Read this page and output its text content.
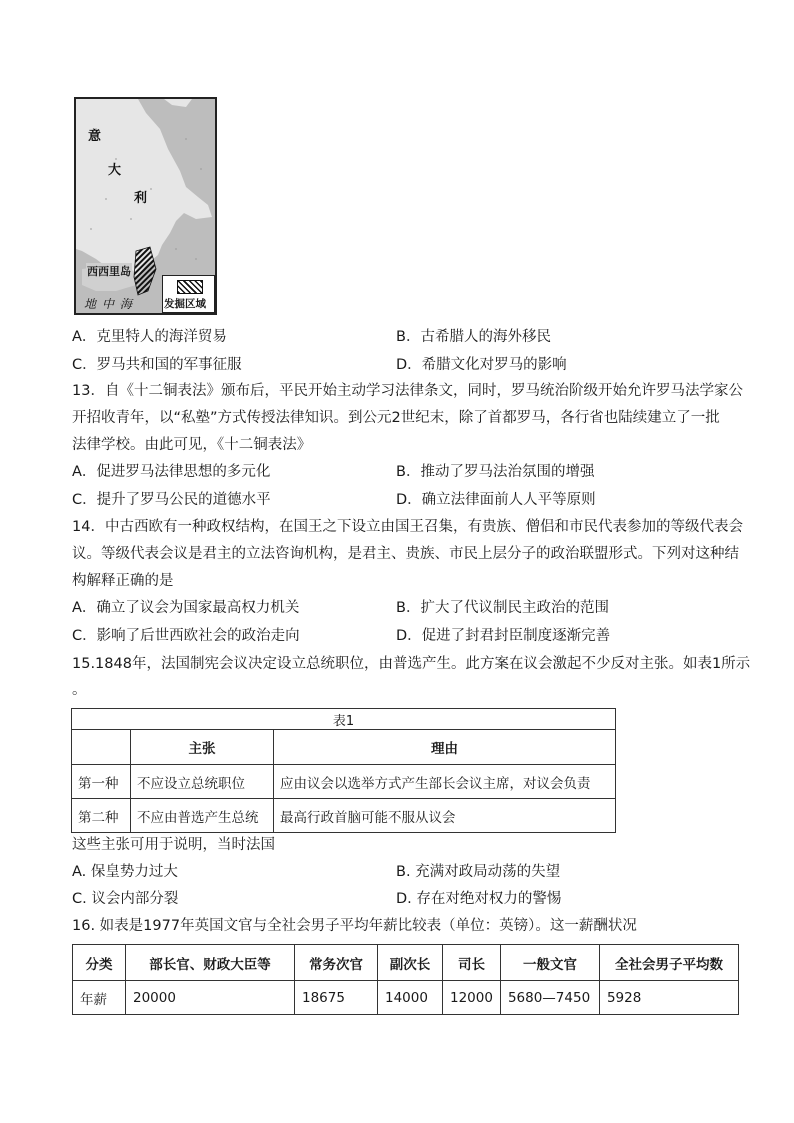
意
大
利
西西里岛
地中海 发掘区域
A．克里特人的海洋贸易	B．古希腊人的海外移民
C．罗马共和国的军事征服	D．希腊文化对罗马的影响
13．自《十二铜表法》颁布后，平民开始主动学习法律条文，同时，罗马统治阶级开始允许罗马法学家公
开招收青年，以“私塾”方式传授法律知识。到公元2世纪末，除了首都罗马，各行省也陆续建立了一批
法律学校。由此可见，《十二铜表法》
A．促进罗马法律思想的多元化	B．推动了罗马法治氛围的增强
C．提升了罗马公民的道德水平	D．确立法律面前人人平等原则
14．中古西欧有一种政权结构，在国王之下设立由国王召集，有贵族、僧侣和市民代表参加的等级代表会
议。等级代表会议是君主的立法咨询机构，是君主、贵族、市民上层分子的政治联盟形式。下列对这种结
构解释正确的是
A．确立了议会为国家最高权力机关	B．扩大了代议制民主政治的范围
C．影响了后世西欧社会的政治走向	D．促进了封君封臣制度逐渐完善
15.1848年，法国制宪会议决定设立总统职位，由普选产生。此方案在议会激起不少反对主张。如表1所示
。
表1		
	主张	理由
第一种	不应设立总统职位	应由议会以选举方式产生部长会议主席，对议会负责
第二种	不应由普选产生总统	最高行政首脑可能不服从议会
这些主张可用于说明，当时法国
A. 保皇势力过大	B. 充满对政局动荡的失望
C. 议会内部分裂	D. 存在对绝对权力的警惕
16. 如表是1977年英国文官与全社会男子平均年薪比较表（单位：英镑）。这一薪酬状况
分类	部长官、财政大臣等	常务次官	副次长	司长	一般文官	全社会男子平均数
年薪	20000	18675	14000	12000	5680—7450	5928
